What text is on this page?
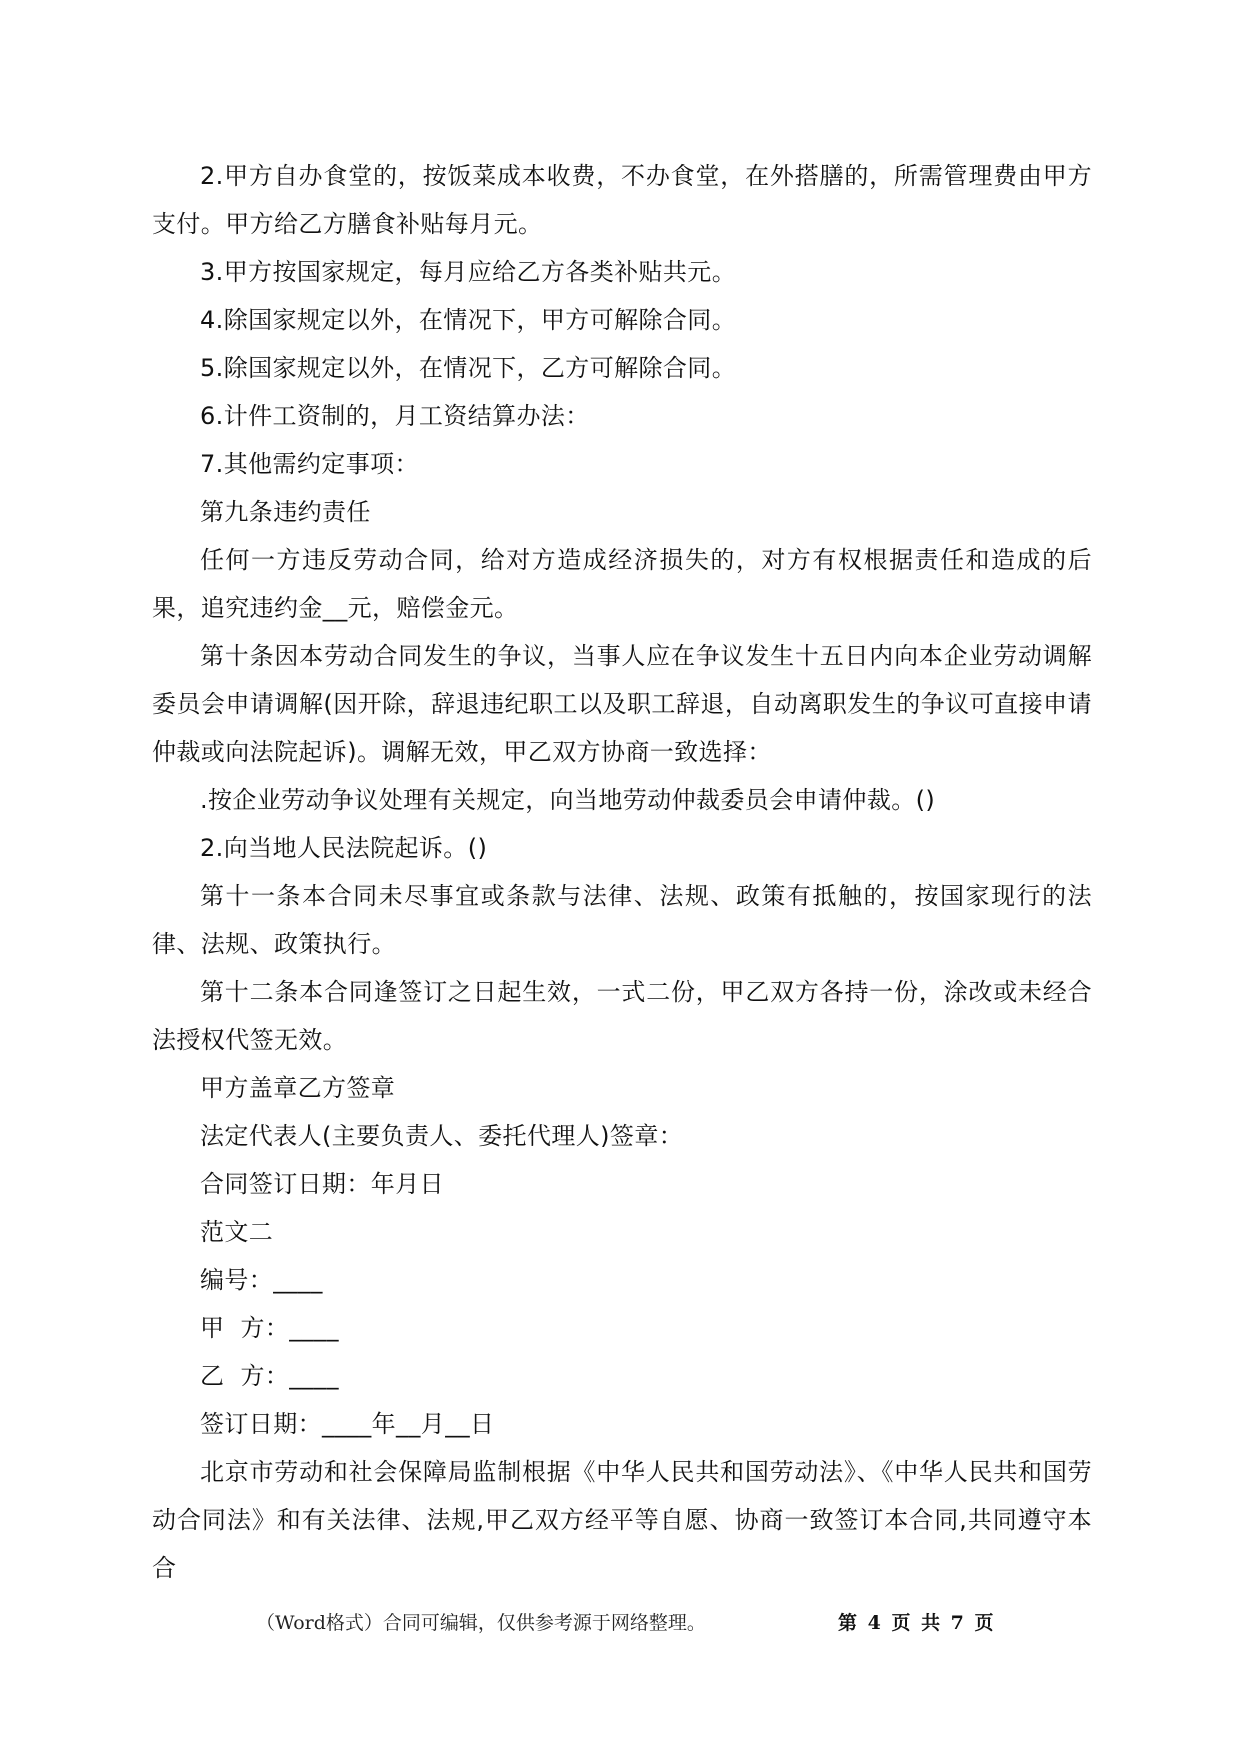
2.甲方自办食堂的，按饭菜成本收费，不办食堂，在外搭膳的，所需管理费由甲方支付。甲方给乙方膳食补贴每月元。

3.甲方按国家规定，每月应给乙方各类补贴共元。

4.除国家规定以外，在情况下，甲方可解除合同。

5.除国家规定以外，在情况下，乙方可解除合同。

6.计件工资制的，月工资结算办法：

7.其他需约定事项：

第九条违约责任

任何一方违反劳动合同，给对方造成经济损失的，对方有权根据责任和造成的后果，追究违约金__元，赔偿金元。

第十条因本劳动合同发生的争议，当事人应在争议发生十五日内向本企业劳动调解委员会申请调解(因开除，辞退违纪职工以及职工辞退，自动离职发生的争议可直接申请仲裁或向法院起诉)。调解无效，甲乙双方协商一致选择：

.按企业劳动争议处理有关规定，向当地劳动仲裁委员会申请仲裁。()

2.向当地人民法院起诉。()

第十一条本合同未尽事宜或条款与法律、法规、政策有抵触的，按国家现行的法律、法规、政策执行。

第十二条本合同逢签订之日起生效，一式二份，甲乙双方各持一份，涂改或未经合法授权代签无效。

甲方盖章乙方签章

法定代表人(主要负责人、委托代理人)签章：

合同签订日期：年月日

范文二

编号：____

甲  方：____

乙  方：____

签订日期：____年__月__日

北京市劳动和社会保障局监制根据《中华人民共和国劳动法》、《中华人民共和国劳动合同法》和有关法律、法规,甲乙双方经平等自愿、协商一致签订本合同,共同遵守本合

（Word格式）合同可编辑，仅供参考源于网络整理。	第 4 页 共 7 页
